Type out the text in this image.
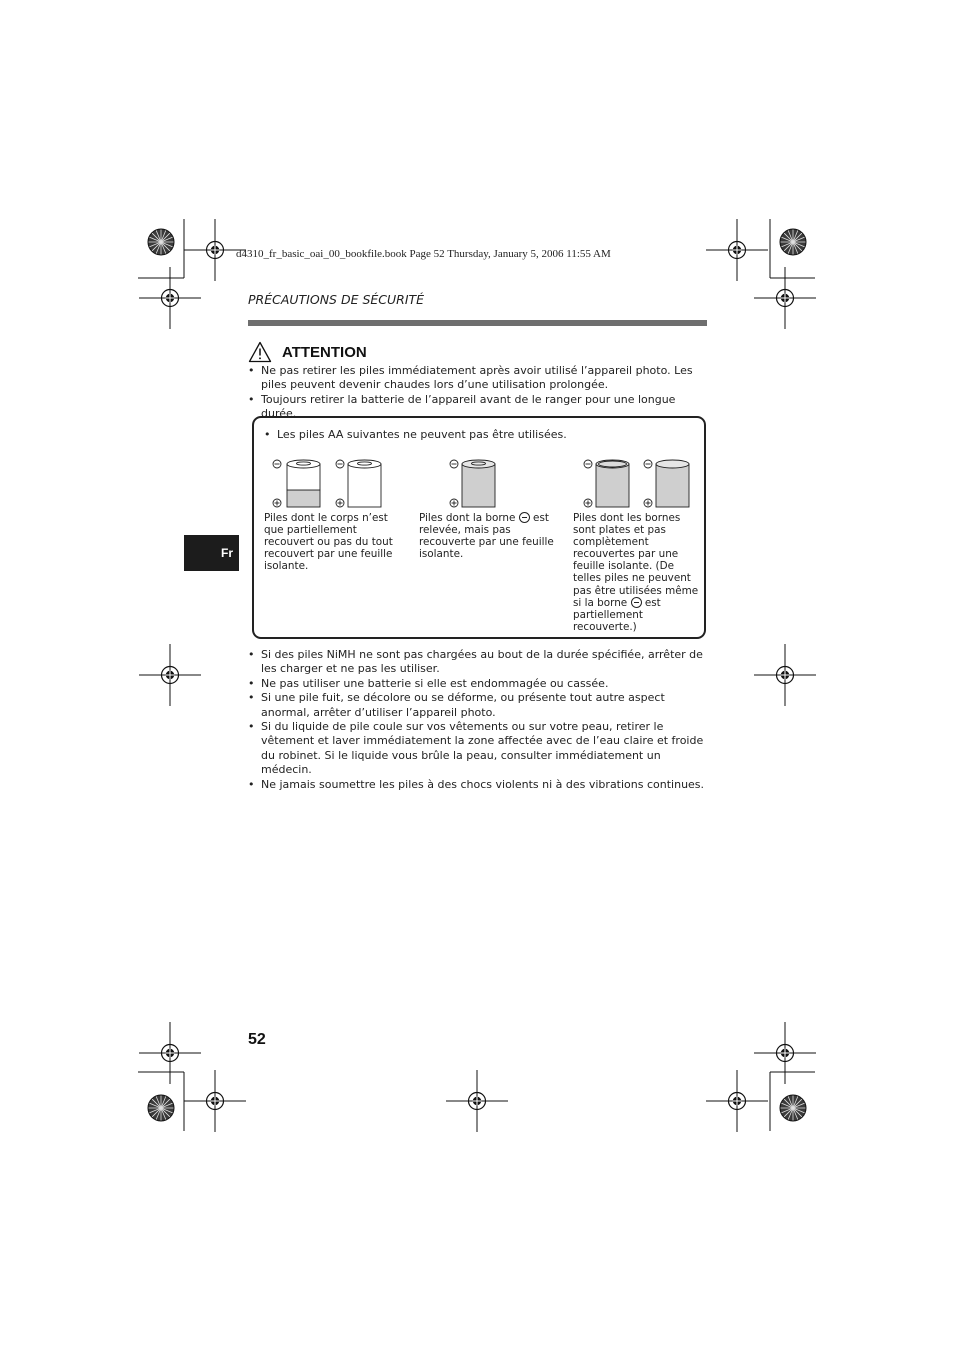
d4310_fr_basic_oai_00_bookfile.book Page 52 Thursday, January 5, 2006 11:55 AM
PRÉCAUTIONS DE SÉCURITÉ
ATTENTION
• Ne pas retirer les piles immédiatement après avoir utilisé l’appareil photo. Les piles peuvent devenir chaudes lors d’une utilisation prolongée.
• Toujours retirer la batterie de l’appareil avant de le ranger pour une longue durée.
• Les piles AA suivantes ne peuvent pas être utilisées.
Piles dont le corps n’est que partiellement recouvert ou pas du tout recouvert par une feuille isolante.
Piles dont la borne est relevée, mais pas recouverte par une feuille isolante.
Piles dont les bornes sont plates et pas complètement recouvertes par une feuille isolante. (De telles piles ne peuvent pas être utilisées même si la borne est partiellement recouverte.)
• Si des piles NiMH ne sont pas chargées au bout de la durée spécifiée, arrêter de les charger et ne pas les utiliser.
• Ne pas utiliser une batterie si elle est endommagée ou cassée.
• Si une pile fuit, se décolore ou se déforme, ou présente tout autre aspect anormal, arrêter d’utiliser l’appareil photo.
• Si du liquide de pile coule sur vos vêtements ou sur votre peau, retirer le vêtement et laver immédiatement la zone affectée avec de l’eau claire et froide du robinet. Si le liquide vous brûle la peau, consulter immédiatement un médecin.
• Ne jamais soumettre les piles à des chocs violents ni à des vibrations continues.
Fr
52
